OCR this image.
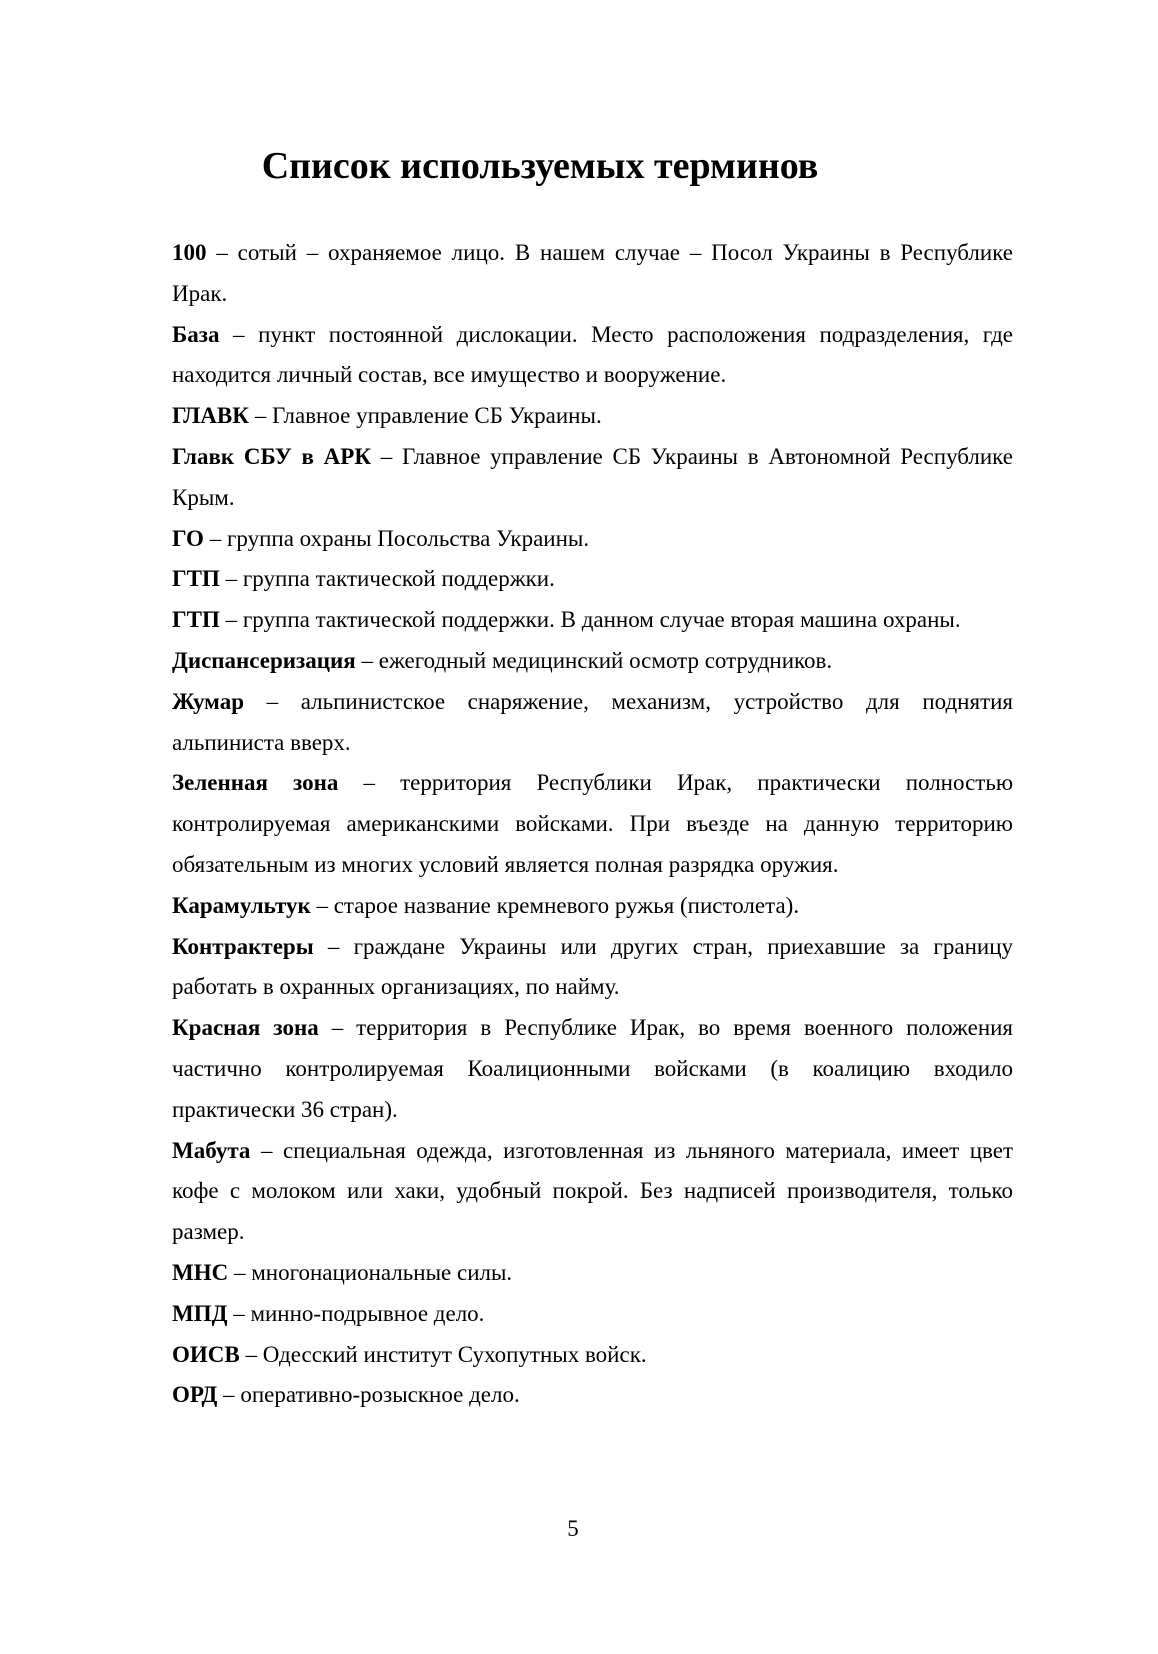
Список используемых терминов

100 – сотый – охраняемое лицо. В нашем случае – Посол Украины в Республике Ирак.

База – пункт постоянной дислокации. Место расположения подразделения, где находится личный состав, все имущество и вооружение.

ГЛАВК – Главное управление СБ Украины.

Главк СБУ в АРК – Главное управление СБ Украины в Автономной Республике Крым.

ГО – группа охраны Посольства Украины.

ГТП – группа тактической поддержки.

ГТП – группа тактической поддержки. В данном случае вторая машина охраны.

Диспансеризация – ежегодный медицинский осмотр сотрудников.

Жумар – альпинистское снаряжение, механизм, устройство для поднятия альпиниста вверх.

Зеленная зона – территория Республики Ирак, практически полностью контролируемая американскими войсками. При въезде на данную территорию обязательным из многих условий является полная разрядка оружия.

Карамультук – старое название кремневого ружья (пистолета).

Контрактеры – граждане Украины или других стран, приехавшие за границу работать в охранных организациях, по найму.

Красная зона – территория в Республике Ирак, во время военного положения частично контролируемая Коалиционными войсками (в коалицию входило практически 36 стран).

Мабута – специальная одежда, изготовленная из льняного материала, имеет цвет кофе с молоком или хаки, удобный покрой. Без надписей производителя, только размер.

МНС – многонациональные силы.

МПД – минно-подрывное дело.

ОИСВ – Одесский институт Сухопутных войск.

ОРД – оперативно-розыскное дело.

5
